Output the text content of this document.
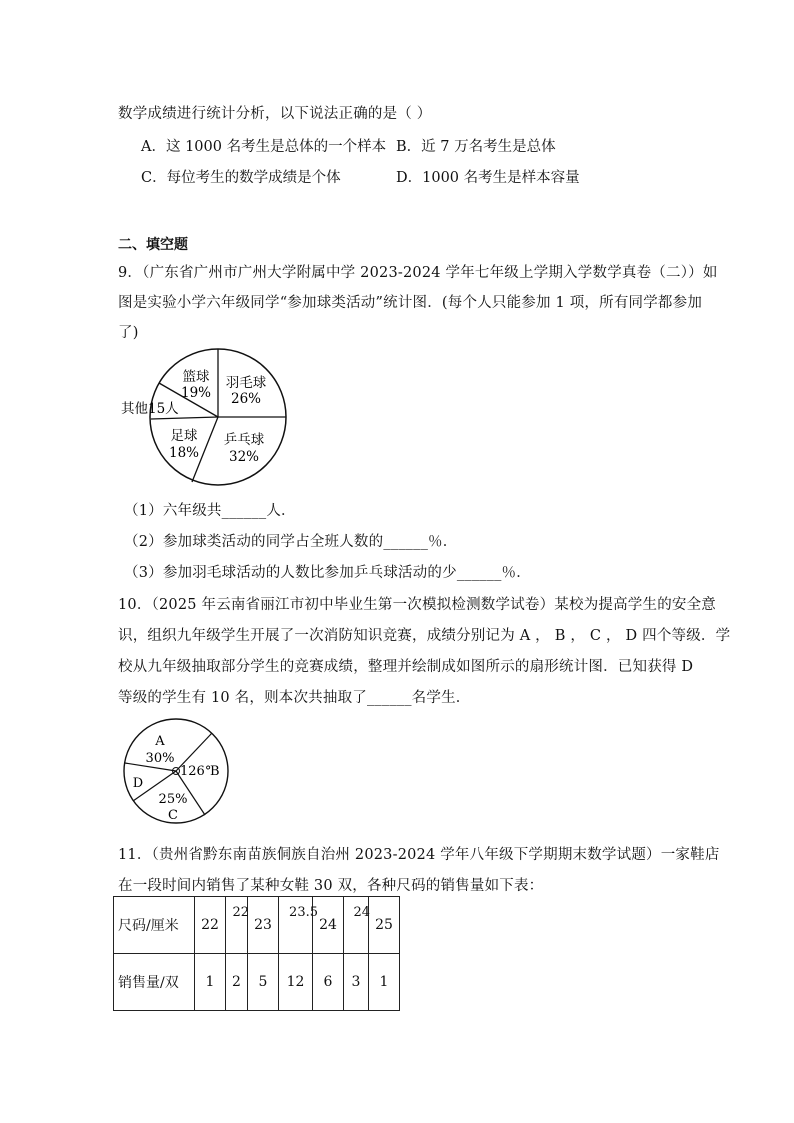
数学成绩进行统计分析，以下说法正确的是（ ）
A．这 1000 名考生是总体的一个样本 B．近 7 万名考生是总体
C．每位考生的数学成绩是个体	D．1000 名考生是样本容量
二、填空题
9．（广东省广州市广州大学附属中学 2023-2024 学年七年级上学期入学数学真卷（二））如
图是实验小学六年级同学“参加球类活动”统计图．(每个人只能参加 1 项，所有同学都参加
了)
篮球
19%
羽毛球
26%
其他15人
足球
18%
乒乓球
32%
（1）六年级共______人．
（2）参加球类活动的同学占全班人数的______％．
（3）参加羽毛球活动的人数比参加乒乓球活动的少______％．
10．（2025 年云南省丽江市初中毕业生第一次模拟检测数学试卷）某校为提高学生的安全意
识，组织九年级学生开展了一次消防知识竞赛，成绩分别记为 A ， B ， C ， D 四个等级．学
校从九年级抽取部分学生的竞赛成绩，整理并绘制成如图所示的扇形统计图．已知获得 D
等级的学生有 10 名，则本次共抽取了______名学生．
A
30%
126°
B
D
25%
C
11．（贵州省黔东南苗族侗族自治州 2023-2024 学年八年级下学期期末数学试题）一家鞋店
在一段时间内销售了某种女鞋 30 双，各种尺码的销售量如下表：
尺码/厘米	22	22	23	23.5	24	24	25
销售量/双	1	2	5	12	6	3	1
